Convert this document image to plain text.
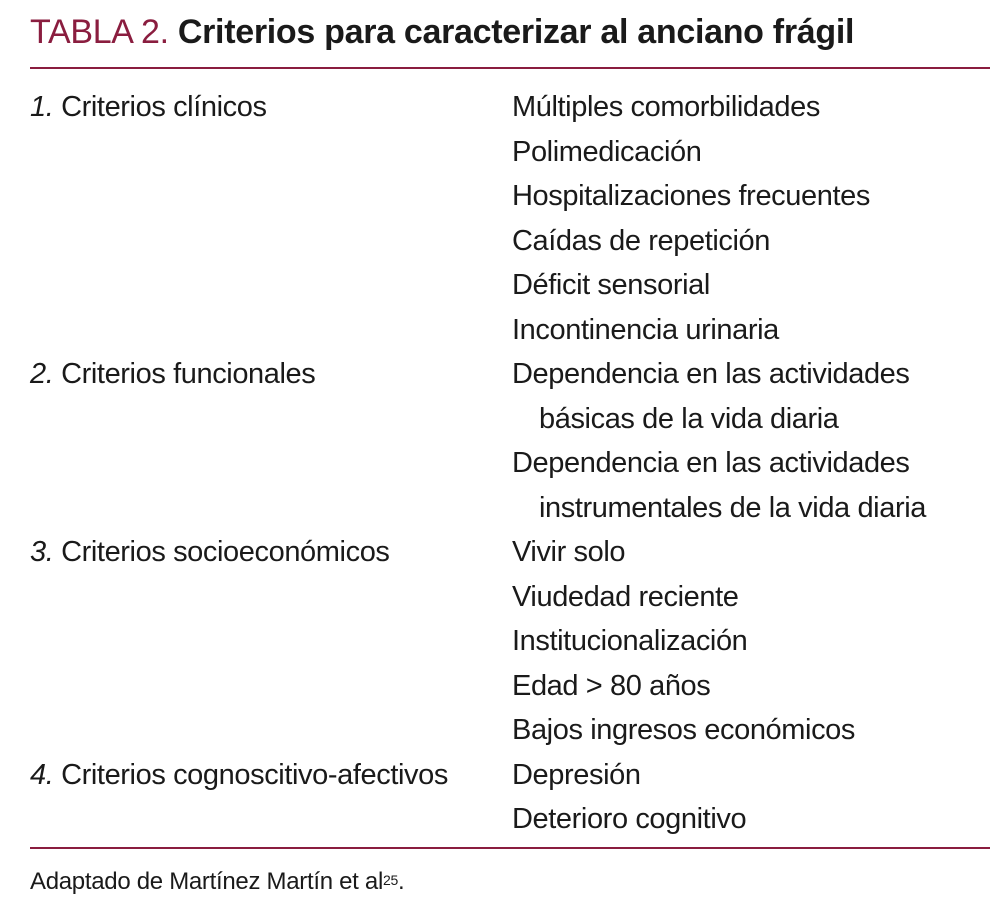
TABLA 2. Criterios para caracterizar al anciano frágil
1. Criterios clínicos	Múltiples comorbilidades
Polimedicación
Hospitalizaciones frecuentes
Caídas de repetición
Déficit sensorial
Incontinencia urinaria
2. Criterios funcionales	Dependencia en las actividades
básicas de la vida diaria
Dependencia en las actividades
instrumentales de la vida diaria
3. Criterios socioeconómicos	Vivir solo
Viudedad reciente
Institucionalización
Edad > 80 años
Bajos ingresos económicos
4. Criterios cognoscitivo-afectivos	Depresión
Deterioro cognitivo
Adaptado de Martínez Martín et $al^{25}$.
